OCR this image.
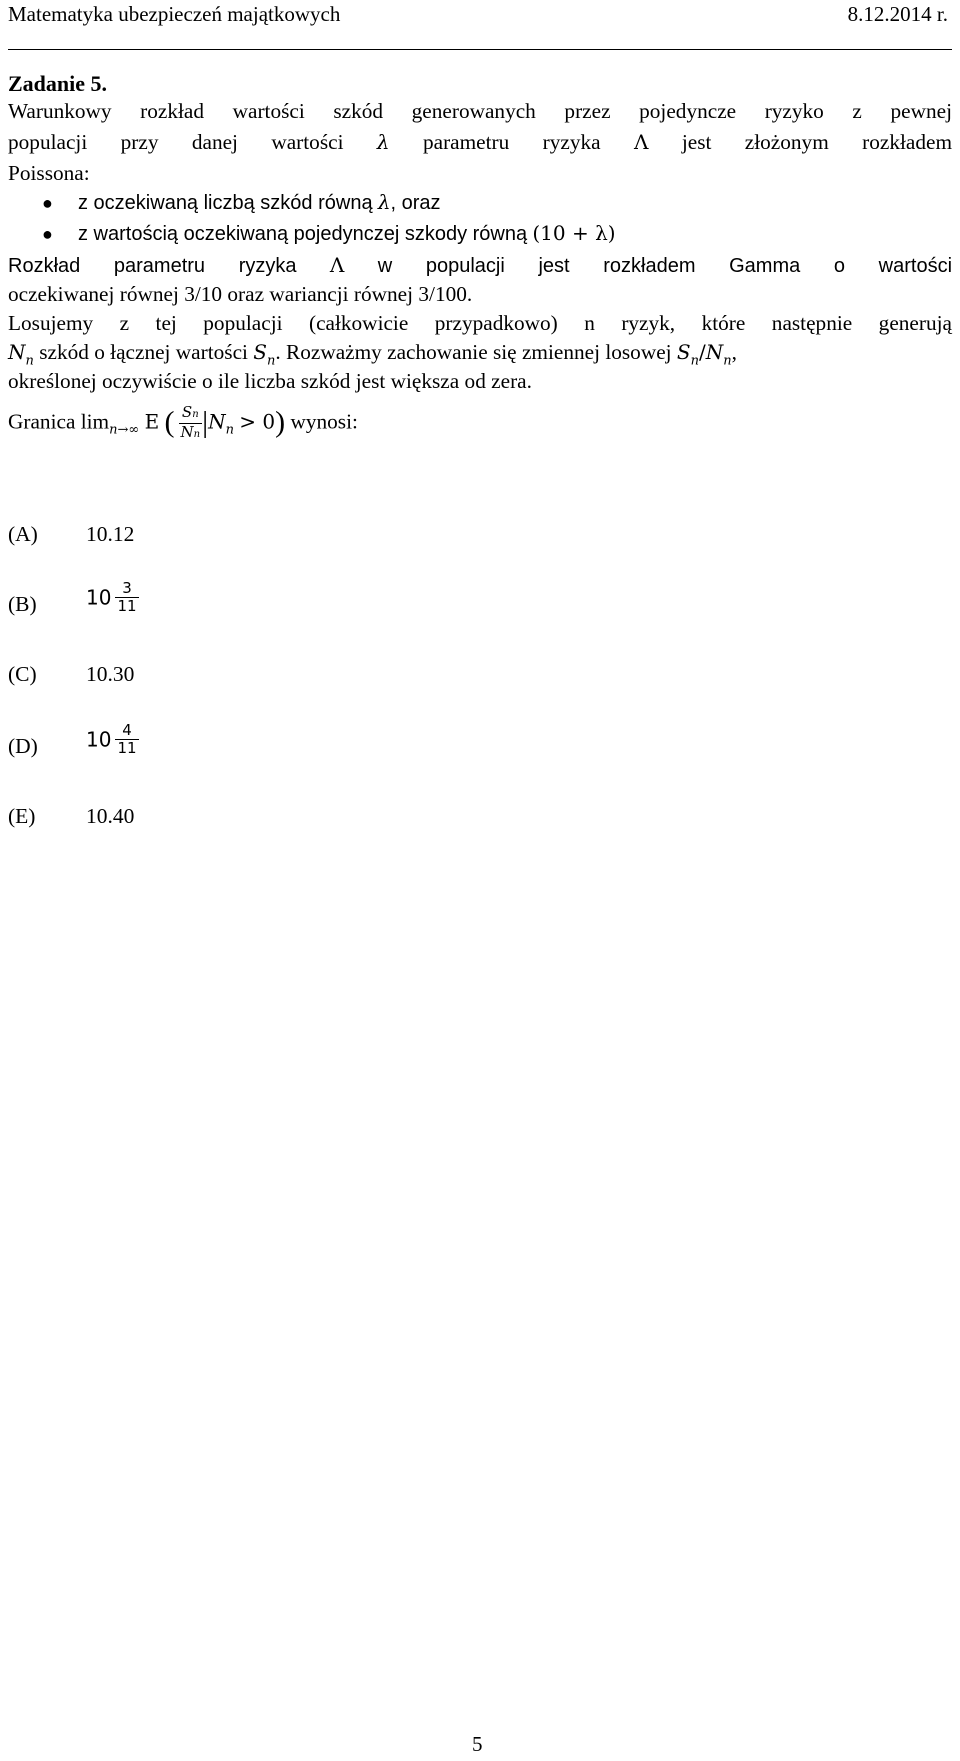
Matematyka ubezpieczeń majątkowych	8.12.2014 r.
Zadanie 5.
Warunkowy rozkład wartości szkód generowanych przez pojedyncze ryzyko z pewnej
populacji przy danej wartości λ parametru ryzyka Λ jest złożonym rozkładem
Poissona:
● z oczekiwaną liczbą szkód równą λ, oraz
● z wartością oczekiwaną pojedynczej szkody równą (10 + λ)
Rozkład parametru ryzyka Λ w populacji jest rozkładem Gamma o wartości
oczekiwanej równej 3/10 oraz wariancji równej 3/100.
Losujemy z tej populacji (całkowicie przypadkowo) n ryzyk, które następnie generują
$N_n$ szkód o łącznej wartości $S_n$. Rozważmy zachowanie się zmiennej losowej $S_n/N_n$,
określonej oczywiście o ile liczba szkód jest większa od zera.
Granica $\lim_{n\to\infty} E$ ( $\frac{Sn}{Nn} |N_n > 0$) wynosi:
(A) 10.12
(B) $10 \frac{3}{11}$
(C) 10.30
(D) $10 \frac{4}{11}$
(E) 10.40
5
